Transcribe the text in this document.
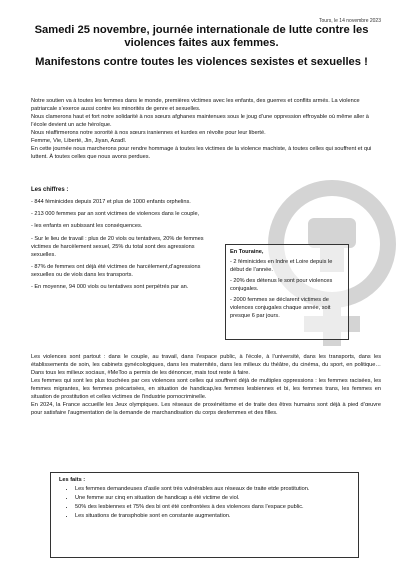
Tours, le 14 novembre 2023
Samedi 25 novembre, journée internationale de lutte contre les violences faites aux femmes.
Manifestons contre toutes les violences sexistes et sexuelles !

Notre soutien va à toutes les femmes dans le monde, premières victimes avec les enfants, des guerres et conflits armés. La violence patriarcale s’exerce aussi contre les minorités de genre et sexuelles.

Nous clamerons haut et fort notre solidarité à nos sœurs afghanes maintenues sous le joug d’une oppression effroyable où même aller à l’école devient un acte héroïque.

Nous réaffirmerons notre sororité à nos sœurs iraniennes et kurdes en révolte pour leur liberté.

Femme, Vie, Liberté, Jin, Jiyan, Azadî.

En cette journée nous marcherons pour rendre hommage à toutes les victimes de la violence machiste, à toutes celles qui souffrent et qui luttent. À toutes celles que nous avons perdues.

Les chiffres :
- 844 féminicides depuis 2017 et plus de 1000 enfants orphelins.
- 213 000 femmes par an sont victimes de violences dans le couple,
- les enfants en subissant les conséquences.
- Sur le lieu de travail : plus de 20 viols ou tentatives, 20% de femmes victimes de harcèlement sexuel, 25% du total sont des agressions sexuelles.
- 87% de femmes ont déjà été victimes de harcèlement,d’agressions sexuelles ou de viols dans les transports.
- En moyenne, 94 000 viols ou tentatives sont perpétrés par an.
En Touraine,
- 2 féminicides en Indre et Loire depuis le début de l’année.
- 20% des détenus le sont pour violences conjugales.
- 2000 femmes se déclarent victimes de violences conjugales chaque année, soit presque 6 par jours.

Les violences sont partout : dans le couple, au travail, dans l’espace public, à l’école, à l’université, dans les transports, dans les établissements de soin, les cabinets gynécologiques, dans les maternités, dans les milieux du théâtre, du cinéma, du sport, en politique… Dans tous les milieux sociaux, #MeToo a permis de les dénoncer, mais tout reste à faire.

Les femmes qui sont les plus touchées par ces violences sont celles qui souffrent déjà de multiples oppressions : les femmes racisées, les femmes migrantes, les femmes précarisées, en situation de handicap,les femmes lesbiennes et bi, les femmes trans, les femmes en situation de prostitution et celles victimes de l’industrie pornocriminelle.

En 2024, la France accueille les Jeux olympiques. Les réseaux de proxénétisme et de traite des êtres humains sont déjà à pied d’œuvre pour satisfaire l’augmentation de la demande de marchandisation du corps desfemmes et des filles.

Les faits :
• Les femmes demandeuses d’asile sont très vulnérables aux réseaux de traite etde prostitution.
• Une femme sur cinq en situation de handicap a été victime de viol.
• 50% des lesbiennes et 75% des bi ont été confrontées à des violences dans l’espace public.
• Les situations de transphobie sont en constante augmentation.
